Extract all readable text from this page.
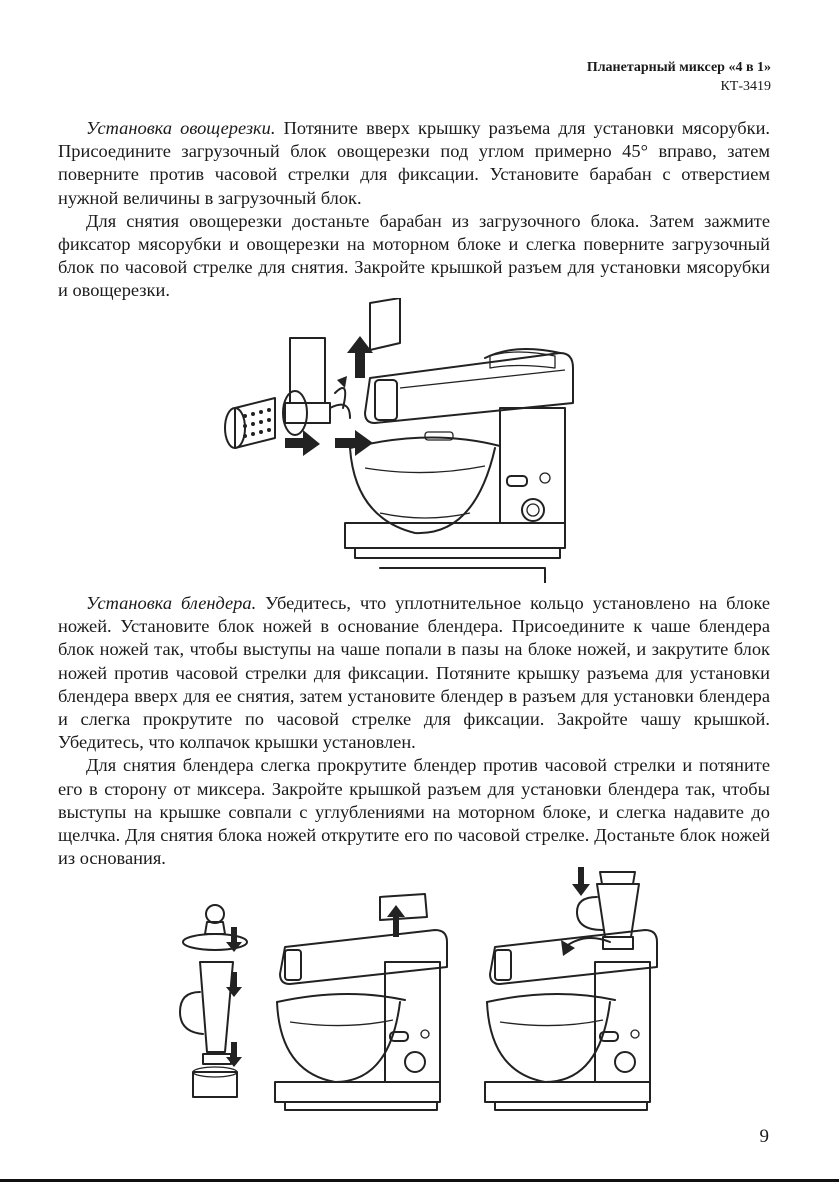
Планетарный миксер «4 в 1»
КТ-3419

Установка овощерезки. Потяните вверх крышку разъема для установки мясорубки. Присоедините загрузочный блок овощерезки под углом примерно 45° вправо, затем поверните против часовой стрелки для фиксации. Установите барабан с отверстием нужной величины в загрузочный блок.

Для снятия овощерезки достаньте барабан из загрузочного блока. Затем зажмите фиксатор мясорубки и овощерезки на моторном блоке и слегка поверните загрузочный блок по часовой стрелке для снятия. Закройте крышкой разъем для установки мясорубки и овощерезки.

Установка блендера. Убедитесь, что уплотнительное кольцо установлено на блоке ножей. Установите блок ножей в основание блендера. Присоедините к чаше блендера блок ножей так, чтобы выступы на чаше попали в пазы на блоке ножей, и закрутите блок ножей против часовой стрелки для фиксации. Потяните крышку разъема для установки блендера вверх для ее снятия, затем установите блендер в разъем для установки блендера и слегка прокрутите по часовой стрелке для фиксации. Закройте чашу крышкой. Убедитесь, что колпачок крышки установлен.

Для снятия блендера слегка прокрутите блендер против часовой стрелки и потяните его в сторону от миксера. Закройте крышкой разъем для установки блендера так, чтобы выступы на крышке совпали с углублениями на моторном блоке, и слегка надавите до щелчка. Для снятия блока ножей открутите его по часовой стрелке. Достаньте блок ножей из основания.

9
